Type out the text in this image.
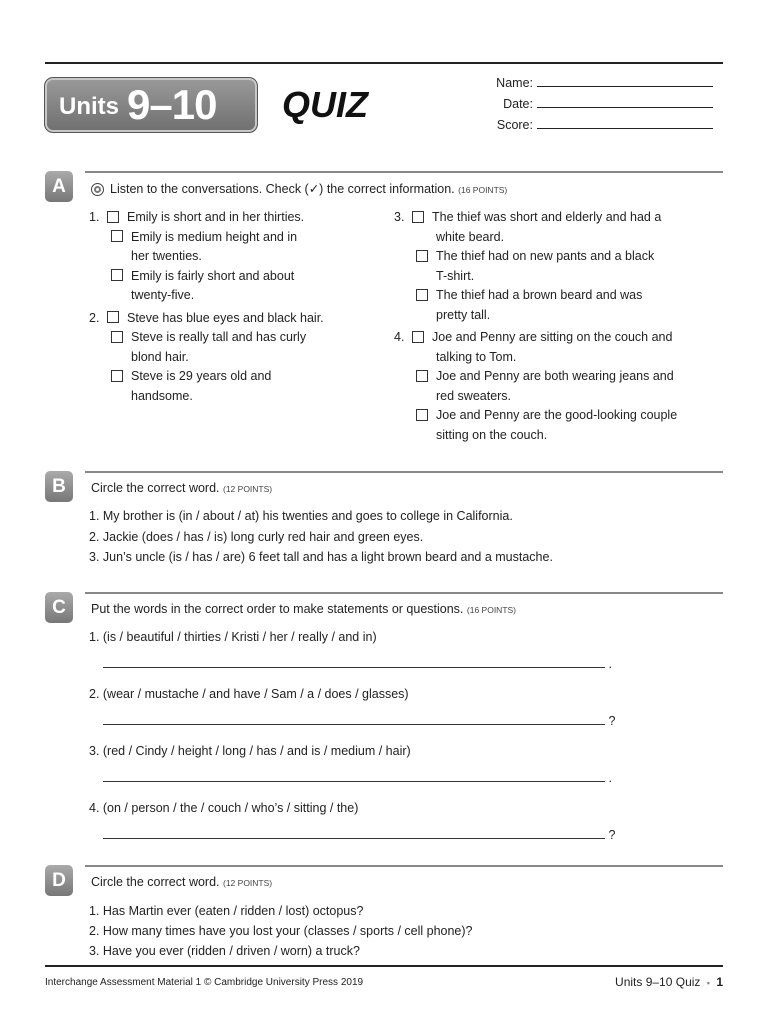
Units 9–10 QUIZ
Name:
Date:
Score:
A	Listen to the conversations. Check (✓) the correct information. (16 POINTS)
1. Emily is short and in her thirties.
Emily is medium height and in
her twenties.
Emily is fairly short and about
twenty-five.
2. Steve has blue eyes and black hair.
Steve is really tall and has curly
blond hair.
Steve is 29 years old and
handsome.
3. The thief was short and elderly and had a
white beard.
The thief had on new pants and a black
T-shirt.
The thief had a brown beard and was
pretty tall.
4. Joe and Penny are sitting on the couch and
talking to Tom.
Joe and Penny are both wearing jeans and
red sweaters.
Joe and Penny are the good-looking couple
sitting on the couch.
B	Circle the correct word. (12 POINTS)
1. My brother is (in / about / at) his twenties and goes to college in California.
2. Jackie (does / has / is) long curly red hair and green eyes.
3. Jun’s uncle (is / has / are) 6 feet tall and has a light brown beard and a mustache.
C	Put the words in the correct order to make statements or questions. (16 POINTS)
1. (is / beautiful / thirties / Kristi / her / really / and in)
.
2. (wear / mustache / and have / Sam / a / does / glasses)
?
3. (red / Cindy / height / long / has / and is / medium / hair)
.
4. (on / person / the / couch / who’s / sitting / the)
?
D	Circle the correct word. (12 POINTS)
1. Has Martin ever (eaten / ridden / lost) octopus?
2. How many times have you lost your (classes / sports / cell phone)?
3. Have you ever (ridden / driven / worn) a truck?
Interchange Assessment Material 1 © Cambridge University Press 2019	Units 9–10 Quiz ▪ 1
